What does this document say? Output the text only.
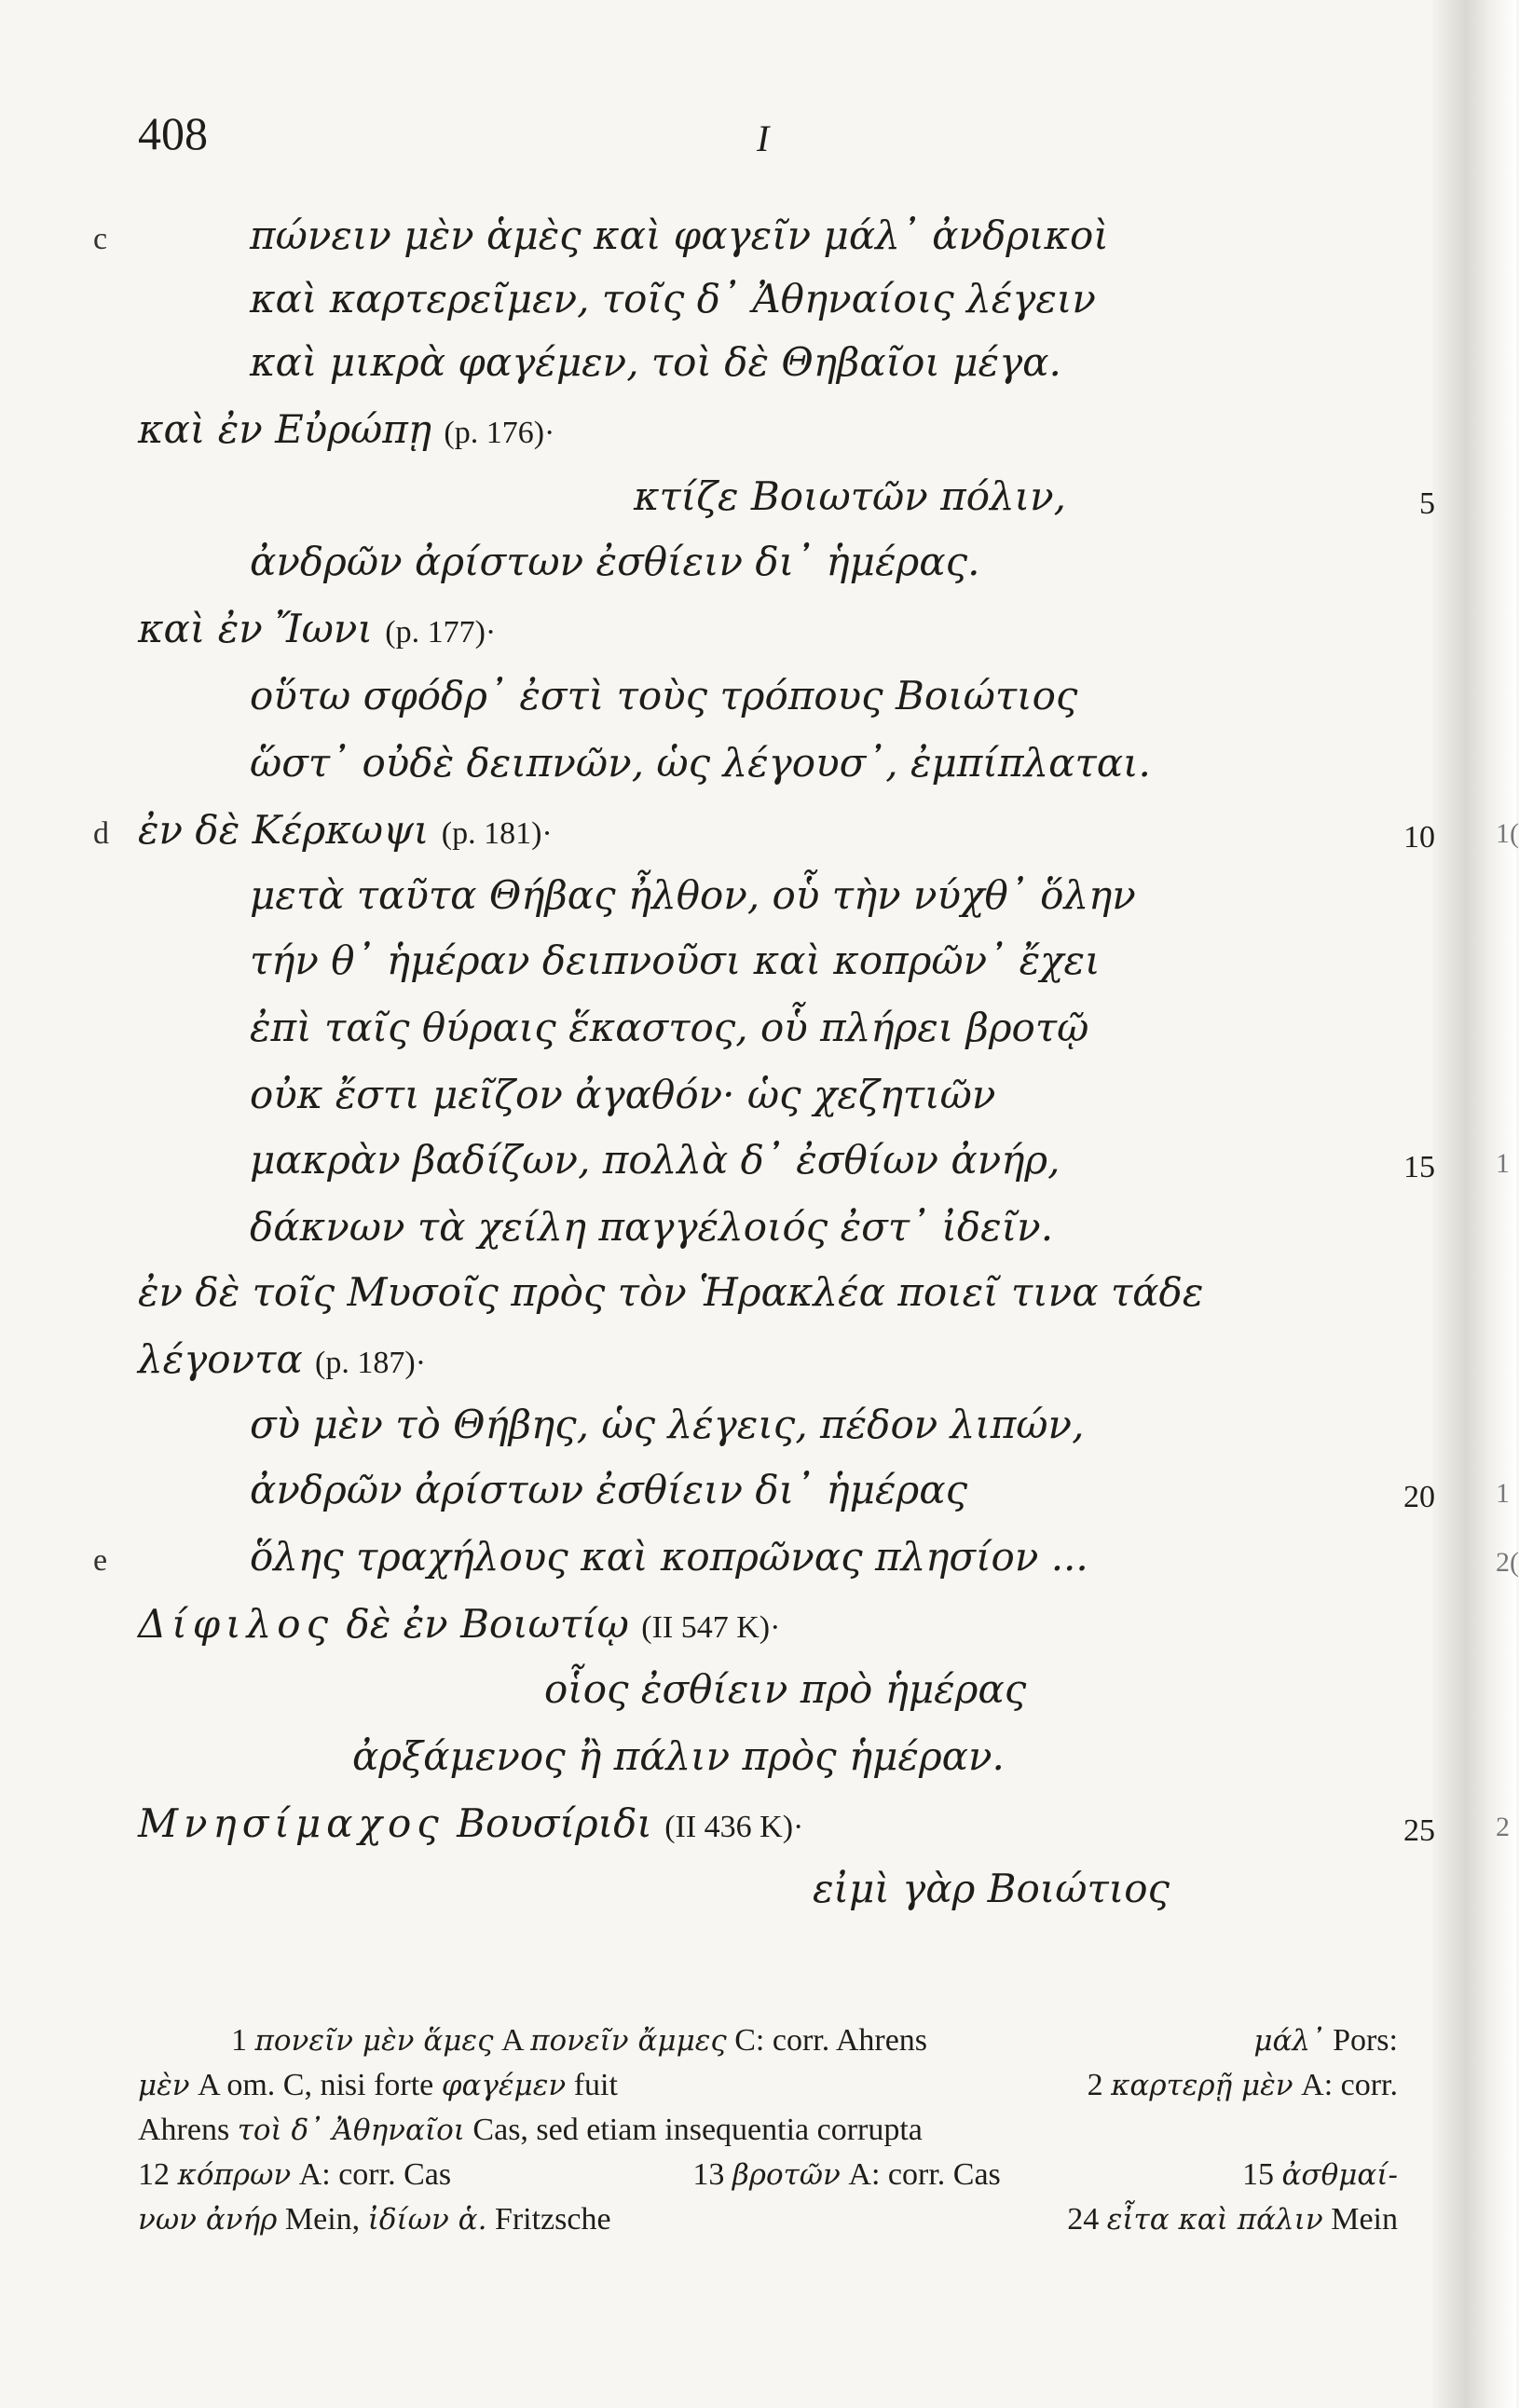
408	I
c	πώνειν μὲν ἁμὲς καὶ φαγεῖν μάλ᾽ ἀνδρικοὶ
καὶ καρτερεῖμεν, τοῖς δ᾽ Ἀθηναίοις λέγειν
καὶ μικρὰ φαγέμεν, τοὶ δὲ Θηβαῖοι μέγα.
καὶ ἐν Εὐρώπῃ (p. 176)·
κτίζε Βοιωτῶν πόλιν,	5
ἀνδρῶν ἀρίστων ἐσθίειν δι᾽ ἡμέρας.
καὶ ἐν Ἴωνι (p. 177)·
οὕτω σφόδρ᾽ ἐστὶ τοὺς τρόπους Βοιώτιος
ὥστ᾽ οὐδὲ δειπνῶν, ὡς λέγουσ᾽, ἐμπίπλαται.
d ἐν δὲ Κέρκωψι (p. 181)·	10
μετὰ ταῦτα Θήβας ἦλθον, οὗ τὴν νύχθ᾽ ὅλην
τήν θ᾽ ἡμέραν δειπνοῦσι καὶ κοπρῶν᾽ ἔχει
ἐπὶ ταῖς θύραις ἕκαστος, οὗ πλήρει βροτῷ
οὐκ ἔστι μεῖζον ἀγαθόν· ὡς χεζητιῶν
μακρὰν βαδίζων, πολλὰ δ᾽ ἐσθίων ἀνήρ,	15
δάκνων τὰ χείλη παγγέλοιός ἐστ᾽ ἰδεῖν.
ἐν δὲ τοῖς Μυσοῖς πρὸς τὸν Ἡρακλέα ποιεῖ τινα τάδε
λέγοντα (p. 187)·
σὺ μὲν τὸ Θήβης, ὡς λέγεις, πέδον λιπών,
ἀνδρῶν ἀρίστων ἐσθίειν δι᾽ ἡμέρας	20
e	ὅλης τραχήλους καὶ κοπρῶνας πλησίον ...
Δίφιλος δὲ ἐν Βοιωτίῳ (II 547 K)·
οἷος ἐσθίειν πρὸ ἡμέρας
ἀρξάμενος ἢ πάλιν πρὸς ἡμέραν.
Μνησίμαχος Βουσίριδι (II 436 K)·	25
εἰμὶ γὰρ Βοιώτιος
1 πονεῖν μὲν ἅμες A πονεῖν ἄμμες C: corr. Ahrens	μάλ᾽ Pors:
μὲν A om. C, nisi forte φαγέμεν fuit	2 καρτερῇ μὲν A: corr.
Ahrens τοὶ δ᾽ Ἀθηναῖοι Cas, sed etiam insequentia corrupta
12 κόπρων A: corr. Cas	13 βροτῶν A: corr. Cas	15 ἀσθμαί-
νων ἀνήρ Mein, ἰδίων ἁ. Fritzsche	24 εἶτα καὶ πάλιν Mein
1(
1
1
2(
2
